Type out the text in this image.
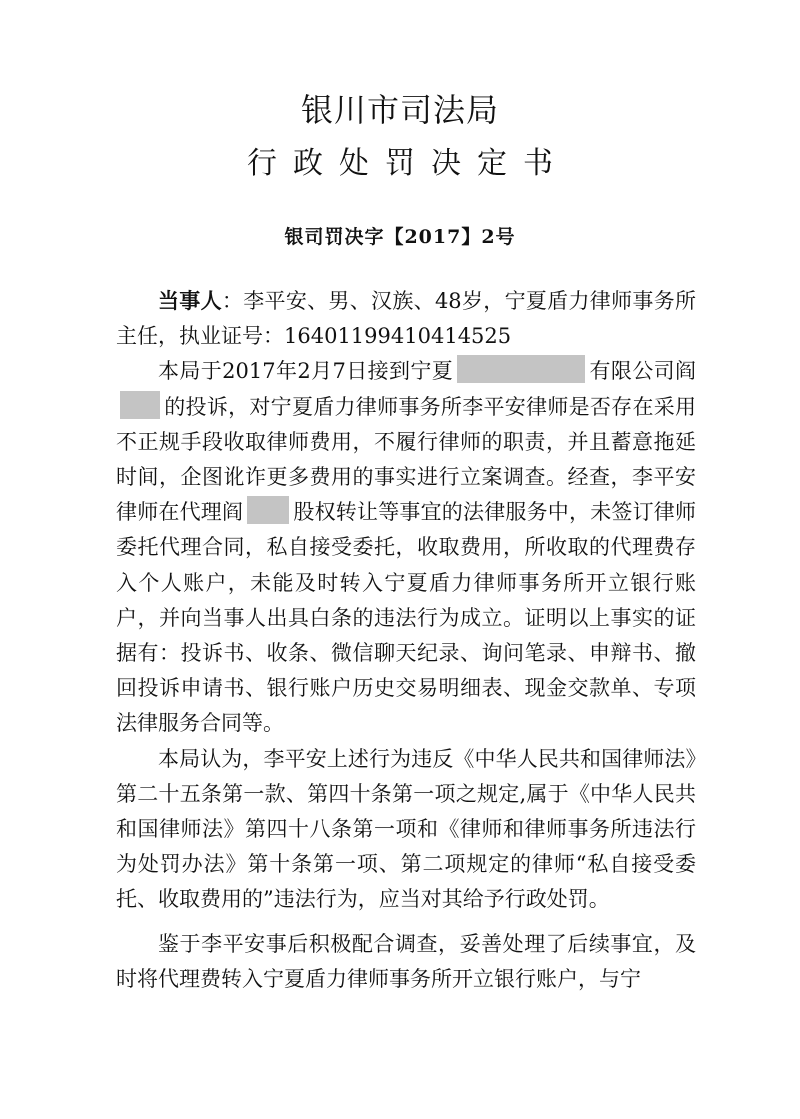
银川市司法局
行政处罚决定书
银司罚决字【2017】2号

当事人：李平安、男、汉族、48岁，宁夏盾力律师事务所主任，执业证号：16401199410414525

本局于2017年2月7日接到宁夏	有限公司阎的投诉，对宁夏盾力律师事务所李平安律师是否存在采用不正规手段收取律师费用，不履行律师的职责，并且蓄意拖延时间，企图讹诈更多费用的事实进行立案调查。经查，李平安律师在代理阎 股权转让等事宜的法律服务中，未签订律师委托代理合同，私自接受委托，收取费用，所收取的代理费存入个人账户，未能及时转入宁夏盾力律师事务所开立银行账户，并向当事人出具白条的违法行为成立。证明以上事实的证据有：投诉书、收条、微信聊天纪录、询问笔录、申辩书、撤回投诉申请书、银行账户历史交易明细表、现金交款单、专项法律服务合同等。

本局认为，李平安上述行为违反《中华人民共和国律师法》第二十五条第一款、第四十条第一项之规定,属于《中华人民共和国律师法》第四十八条第一项和《律师和律师事务所违法行为处罚办法》第十条第一项、第二项规定的律师“私自接受委托、收取费用的”违法行为，应当对其给予行政处罚。

鉴于李平安事后积极配合调查，妥善处理了后续事宜，及时将代理费转入宁夏盾力律师事务所开立银行账户，与宁
